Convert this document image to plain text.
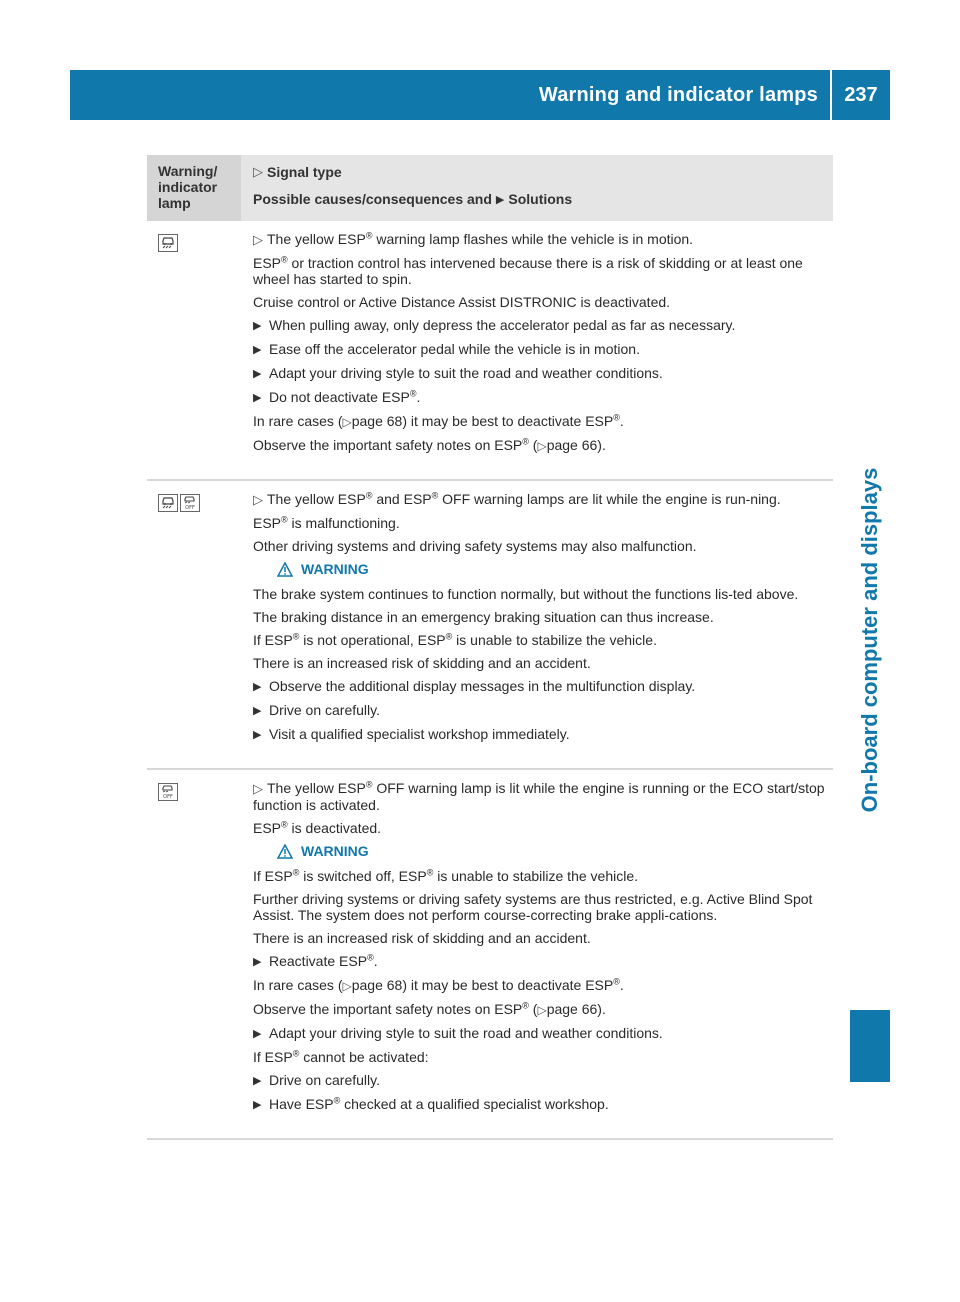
Warning and indicator lamps	237
On-board computer and displays
Warning/
indicator
lamp
▷ Signal type
Possible causes/consequences and ▶ Solutions

▷ The yellow ESP® warning lamp flashes while the vehicle is in motion.

ESP® or traction control has intervened because there is a risk of skidding or at least one wheel has started to spin.

Cruise control or Active Distance Assist DISTRONIC is deactivated.

▶ When pulling away, only depress the accelerator pedal as far as necessary.
▶ Ease off the accelerator pedal while the vehicle is in motion.
▶ Adapt your driving style to suit the road and weather conditions.
▶ Do not deactivate ESP®.

In rare cases (▷page 68) it may be best to deactivate ESP®.

Observe the important safety notes on ESP® (▷page 66).

OFF

▷ The yellow ESP® and ESP® OFF warning lamps are lit while the engine is run-ning.

ESP® is malfunctioning.

Other driving systems and driving safety systems may also malfunction.

WARNING

The brake system continues to function normally, but without the functions lis-ted above.

The braking distance in an emergency braking situation can thus increase.

If ESP® is not operational, ESP® is unable to stabilize the vehicle.

There is an increased risk of skidding and an accident.

▶ Observe the additional display messages in the multifunction display.
▶ Drive on carefully.
▶ Visit a qualified specialist workshop immediately.
OFF

▷ The yellow ESP® OFF warning lamp is lit while the engine is running or the ECO start/stop function is activated.

ESP® is deactivated.

WARNING

If ESP® is switched off, ESP® is unable to stabilize the vehicle.

Further driving systems or driving safety systems are thus restricted, e.g. Active Blind Spot Assist. The system does not perform course-correcting brake appli-cations.

There is an increased risk of skidding and an accident.

▶ Reactivate ESP®.

In rare cases (▷page 68) it may be best to deactivate ESP®.

Observe the important safety notes on ESP® (▷page 66).

▶ Adapt your driving style to suit the road and weather conditions.

If ESP® cannot be activated:

▶ Drive on carefully.
▶ Have ESP® checked at a qualified specialist workshop.
